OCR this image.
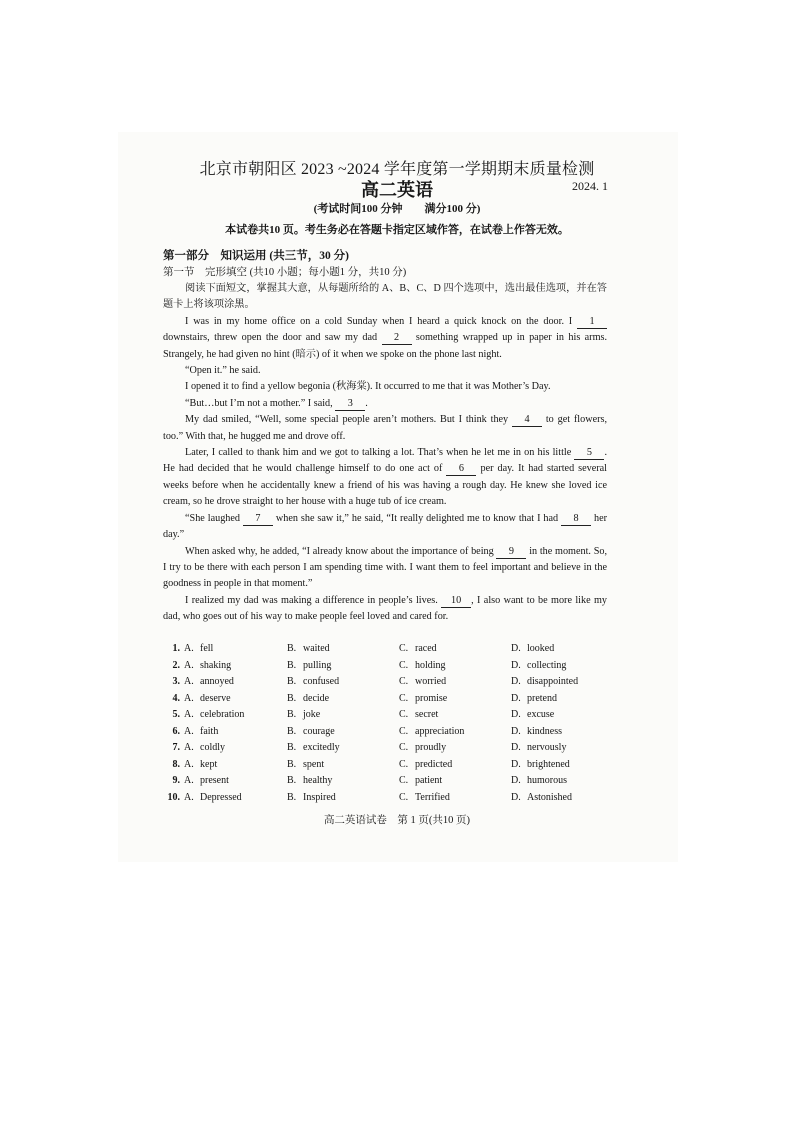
北京市朝阳区 2023 ~2024 学年度第一学期期末质量检测
高二英语	2024. 1
(考试时间100 分钟　　满分100 分)
本试卷共10 页。考生务必在答题卡指定区域作答，在试卷上作答无效。
第一部分　知识运用 (共三节，30 分)
第一节　完形填空 (共10 小题；每小题1 分，共10 分)

阅读下面短文，掌握其大意，从每题所给的 A、B、C、D 四个选项中，选出最佳选项，并在答题卡上将该项涂黑。

I was in my home office on a cold Sunday when I heard a quick knock on the door. I 1 downstairs, threw open the door and saw my dad 2 something wrapped up in paper in his arms. Strangely, he had given no hint (暗示) of it when we spoke on the phone last night.

“Open it.” he said.

I opened it to find a yellow begonia (秋海棠). It occurred to me that it was Mother’s Day.

“But…but I’m not a mother.” I said, 3 .

My dad smiled, “Well, some special people aren’t mothers. But I think they 4 to get flowers, too.” With that, he hugged me and drove off.

Later, I called to thank him and we got to talking a lot. That’s when he let me in on his little 5 . He had decided that he would challenge himself to do one act of 6 per day. It had started several weeks before when he accidentally knew a friend of his was having a rough day. He knew she loved ice cream, so he drove straight to her house with a huge tub of ice cream.

“She laughed 7 when she saw it,” he said, “It really delighted me to know that I had 8 her day.”

When asked why, he added, “I already know about the importance of being 9 in the moment. So, I try to be there with each person I am spending time with. I want them to feel important and believe in the goodness in people in that moment.”

I realized my dad was making a difference in people’s lives. 10 , I also want to be more like my dad, who goes out of his way to make people feel loved and cared for.

1. A. fell	B. waited	C. raced	D. looked
2. A. shaking	B. pulling	C. holding	D. collecting
3. A. annoyed	B. confused	C. worried	D. disappointed
4. A. deserve	B. decide	C. promise	D. pretend
5. A. celebration	B. joke	C. secret	D. excuse
6. A. faith	B. courage	C. appreciation	D. kindness
7. A. coldly	B. excitedly	C. proudly	D. nervously
8. A. kept	B. spent	C. predicted	D. brightened
9. A. present	B. healthy	C. patient	D. humorous
10. A. Depressed	B. Inspired	C. Terrified	D. Astonished
高二英语试卷　第 1 页(共10 页)
